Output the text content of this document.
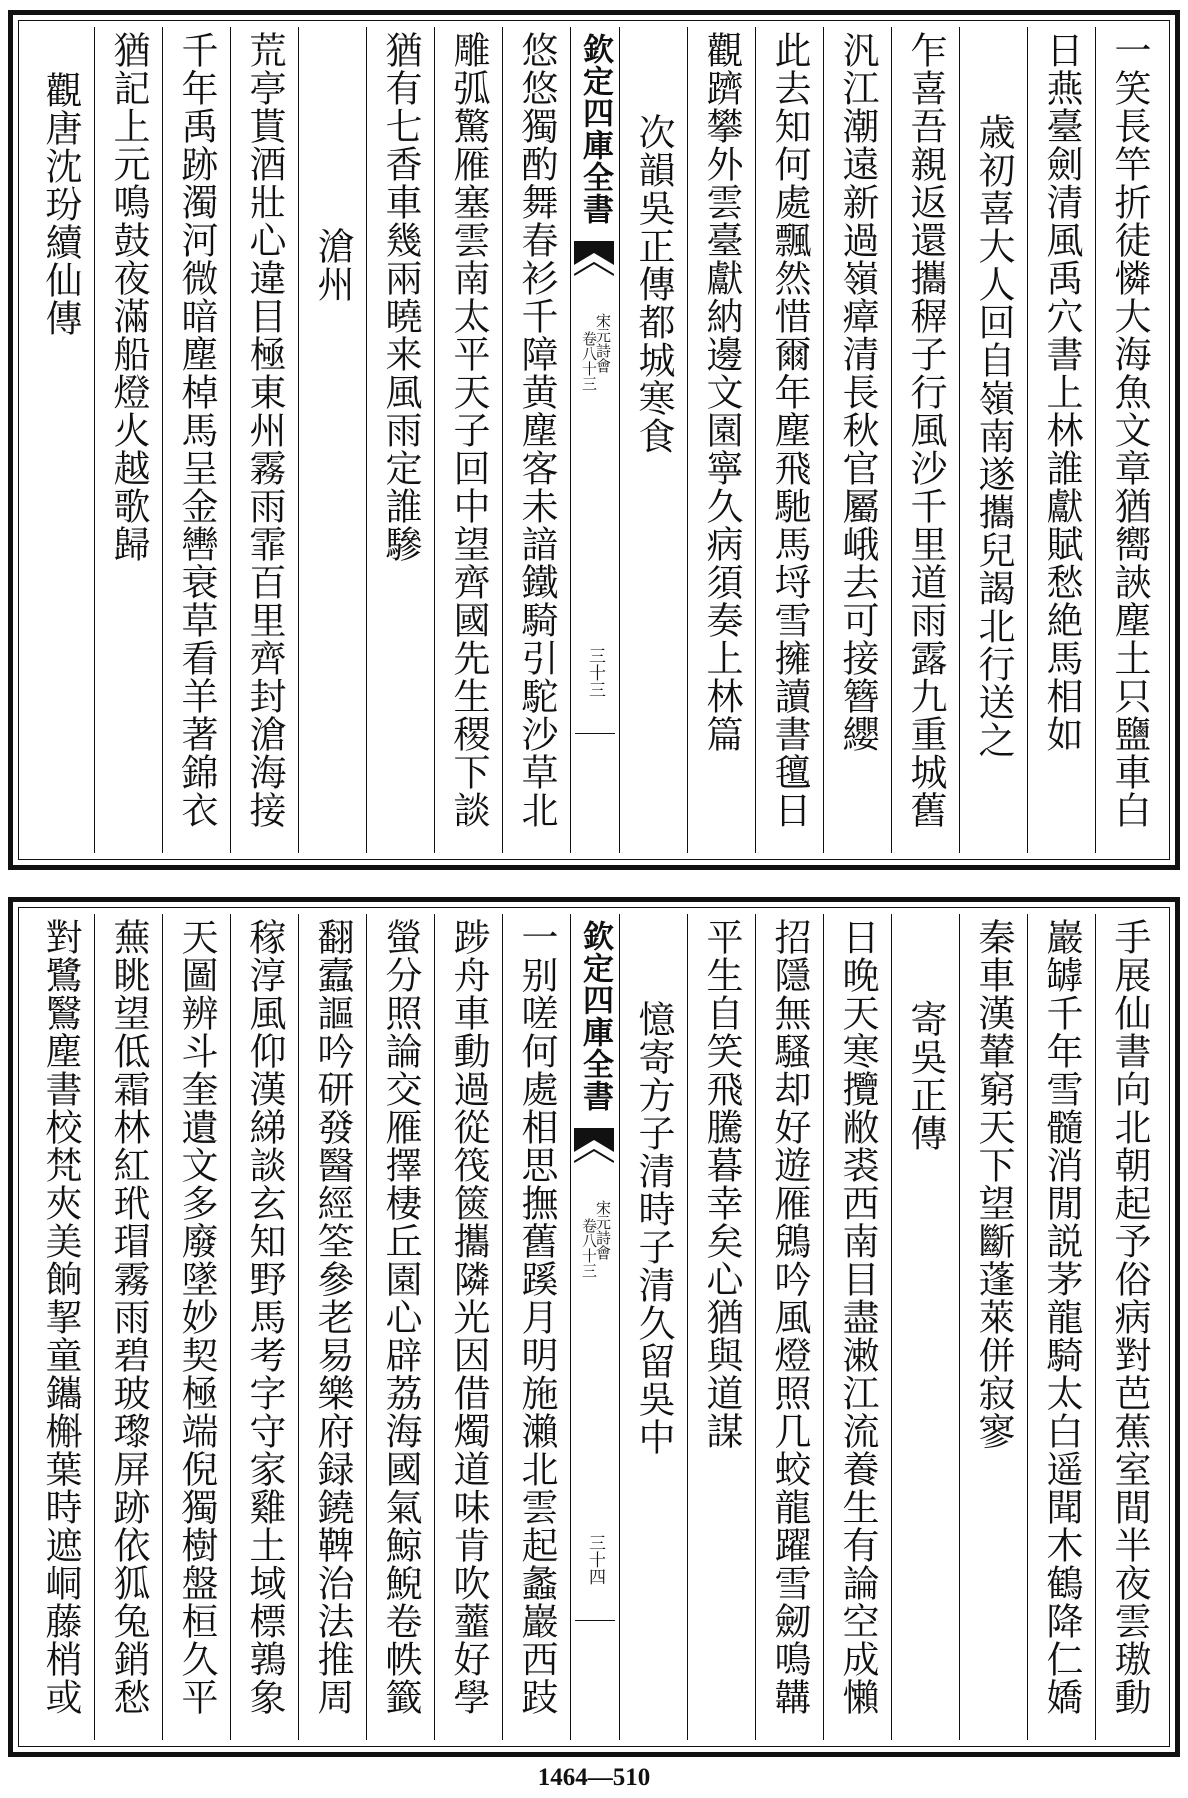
一笑長竿折徒憐大海魚文章猶嚮䛟塵土只鹽車白
日燕臺劍清風禹穴書上林誰獻賦愁絶馬相如
歳初喜大人回自嶺南遂攜兒謁北行送之
乍喜吾親返還攜稺子行風沙千里道雨露九重城舊
汎江潮遠新過嶺瘴清長秋官屬峨去可接簪纓
此去知何處飄然惜爾年塵飛馳馬埒雪擁讀書氊日
觀躋攀外雲臺獻納邊文園寧久病須奏上林篇
次韻吳正傳都城寒食
欽定四庫全書
宋元詩會
卷八十三
三十三
悠悠獨酌舞春衫千障黄塵客未諳鐵騎引駝沙草北
雕弧驚雁塞雲南太平天子回中望齊國先生稷下談
猶有七香車幾兩曉来風雨定誰驂
滄州
荒亭貰酒壯心違目極東州霧雨霏百里齊封滄海接
千年禹跡濁河微暗塵棹馬呈金轡衰草看羊著錦衣
猶記上元鳴鼓夜滿船燈火越歌歸
觀唐沈玢續仙傳
手展仙書向北朝起予俗病對芭蕉室間半夜雲璈動
巖罅千年雪髓消閒説茅龍騎太白遥聞木鶴降仁嬌
秦車漢輦窮天下望斷蓬萊併寂寥
寄吳正傳
日晚天寒攬敝裘西南目盡潄江流養生有論空成懶
招隱無騷却好遊雁鶂吟風燈照几蛟龍躍雪劒鳴韝
平生自笑飛騰暮幸矣心猶與道謀
憶寄方子清時子清久留吳中
欽定四庫全書
宋元詩會
卷八十三
三十四
一别嗟何處相思撫舊蹊月明施瀨北雲起蠡巖西跂
踄舟車動過從筏篋攜隣光因借燭道味肯吹虀好學
螢分照論交雁擇棲丘園心辟荔海國氣鯨鯢卷帙籤
翻蠧謳吟研發醫經筌參老易樂府録鐃鞞治法推周
稼淳風仰漢綈談玄知野馬考字守家雞土域標鶉象
天圖辨斗奎遺文多廢墜妙契極端倪獨樹盤桓久平
蕪眺望低霜林紅玳瑁霧雨碧玻瓈屏跡依狐兔銷愁
對鷺鷖塵書校梵夾美餉挈童鑴槲葉時遮峒藤梢或
1464—510
